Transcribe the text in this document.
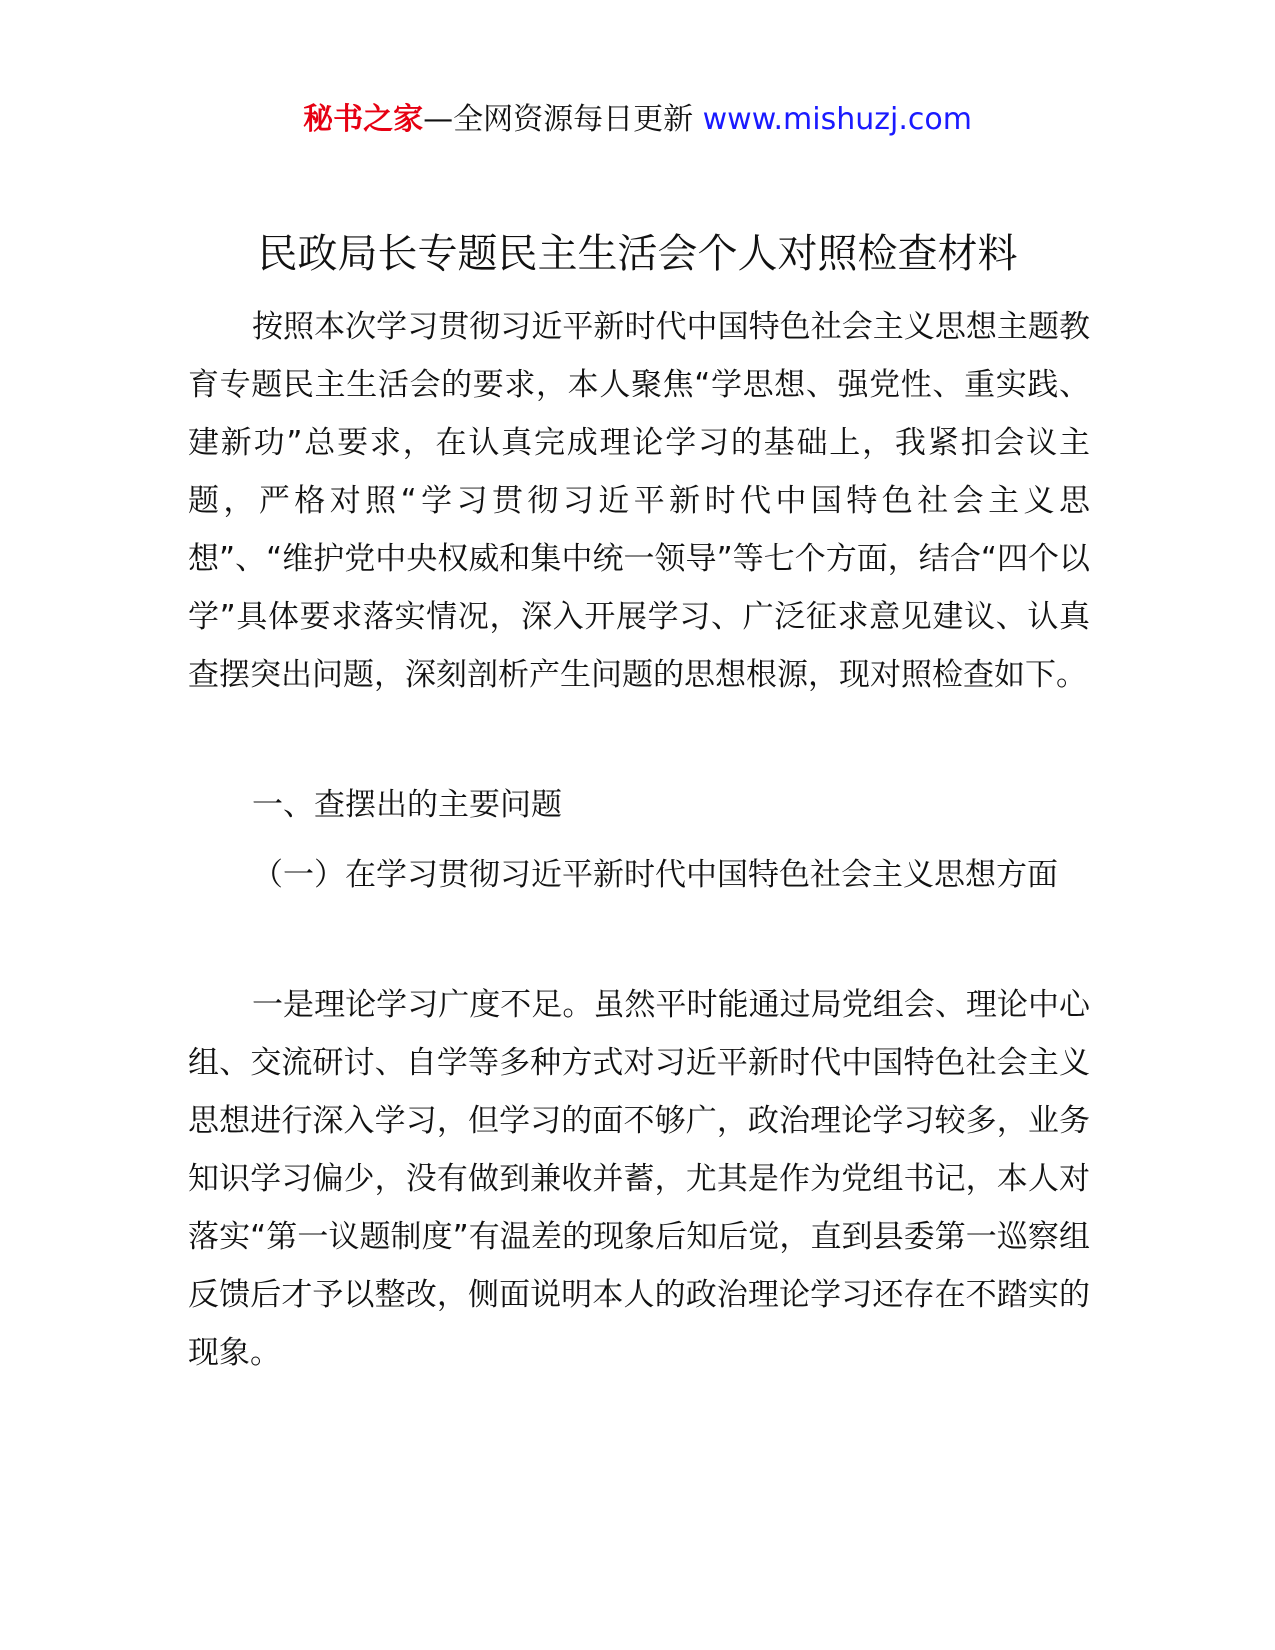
秘书之家—全网资源每日更新 www.mishuzj.com
民政局长专题民主生活会个人对照检查材料

按照本次学习贯彻习近平新时代中国特色社会主义思想主题教育专题民主生活会的要求，本人聚焦“学思想、强党性、重实践、建新功”总要求，在认真完成理论学习的基础上，我紧扣会议主题，严格对照“学习贯彻习近平新时代中国特色社会主义思想”、“维护党中央权威和集中统一领导”等七个方面，结合“四个以学”具体要求落实情况，深入开展学习、广泛征求意见建议、认真查摆突出问题，深刻剖析产生问题的思想根源，现对照检查如下。

一、查摆出的主要问题

（一）在学习贯彻习近平新时代中国特色社会主义思想方面

一是理论学习广度不足。虽然平时能通过局党组会、理论中心组、交流研讨、自学等多种方式对习近平新时代中国特色社会主义思想进行深入学习，但学习的面不够广，政治理论学习较多，业务知识学习偏少，没有做到兼收并蓄，尤其是作为党组书记，本人对落实“第一议题制度”有温差的现象后知后觉，直到县委第一巡察组反馈后才予以整改，侧面说明本人的政治理论学习还存在不踏实的现象。
